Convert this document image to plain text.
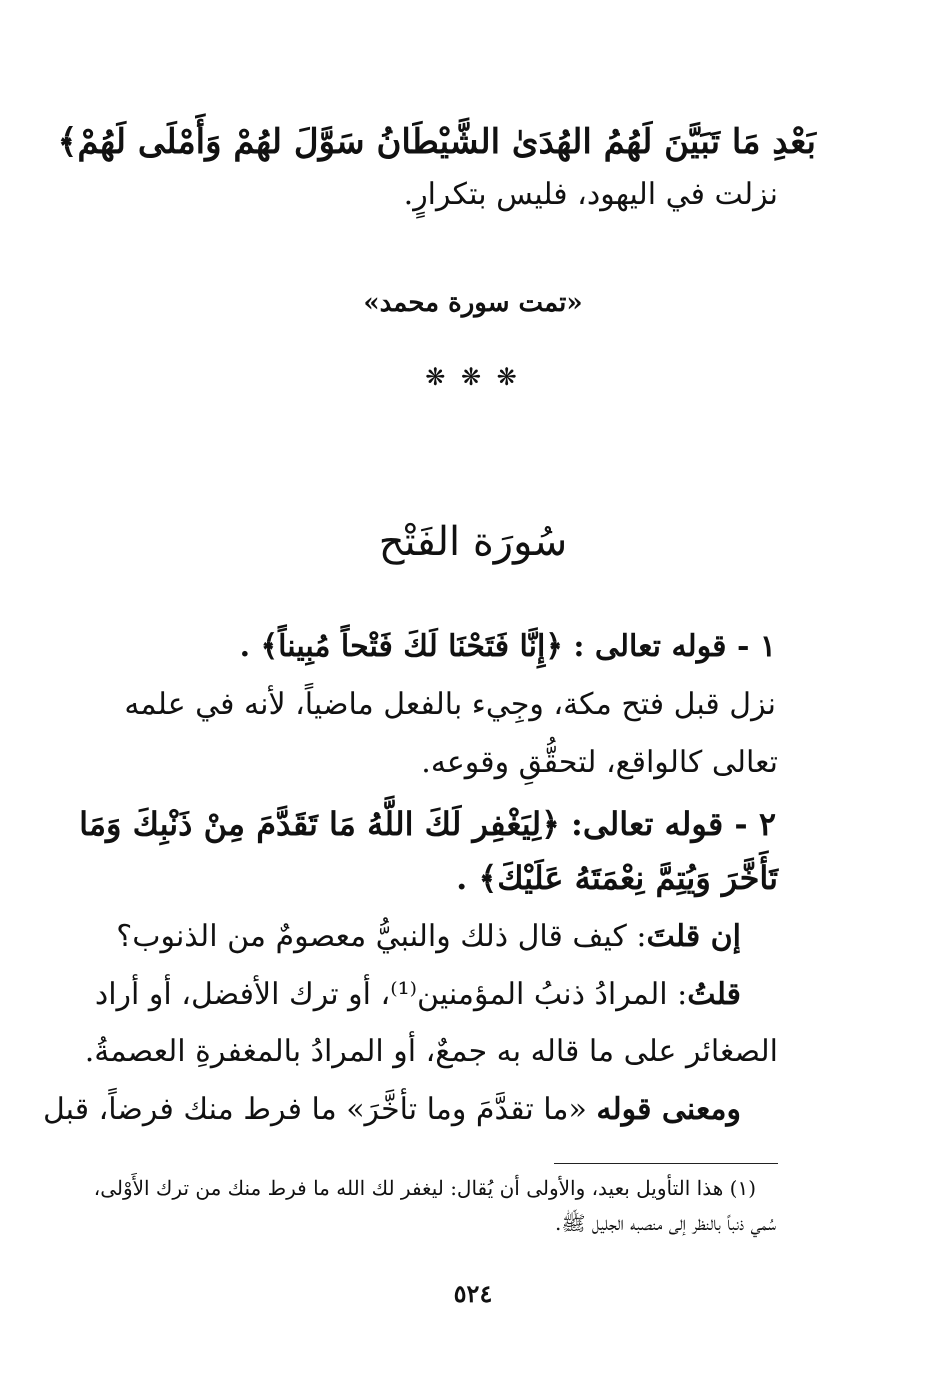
بَعْدِ مَا تَبَيَّنَ لَهُمُ الهُدَىٰ الشَّيْطَانُ سَوَّلَ لهُمْ وَأَمْلَى لَهُمْ﴾
نزلت في اليهود، فليس بتكرارٍ.
«تمت سورة محمد»
❋ ❋ ❋
سُورَة الفَتْح
١ - قوله تعالى : ﴿إِنَّا فَتَحْنَا لَكَ فَتْحاً مُبِيناً﴾ .
نزل قبل فتح مكة، وجِيء بالفعل ماضياً، لأنه في علمه
تعالى كالواقع، لتحقُّقِ وقوعه.
٢ - قوله تعالى: ﴿لِيَغْفِر لَكَ اللَّهُ مَا تَقَدَّمَ مِنْ ذَنْبِكَ وَمَا
تَأَخَّرَ وَيُتِمَّ نِعْمَتَهُ عَلَيْكَ﴾ .
إن قلتَ: كيف قال ذلك والنبيُّ معصومٌ من الذنوب؟
قلتُ: المرادُ ذنبُ المؤمنين⁽¹⁾، أو ترك الأفضل، أو أراد
الصغائر على ما قاله به جمعٌ، أو المرادُ بالمغفرةِ العصمةُ.
ومعنى قوله «ما تقدَّمَ وما تأخَّرَ» ما فرط منك فرضاً، قبل
(١) هذا التأويل بعيد، والأولى أن يُقال: ليغفر لك الله ما فرط منك من ترك الأَوْلى،
سُمي ذنباً بالنظر إلى منصبه الجليل ﷺ.
٥٢٤
